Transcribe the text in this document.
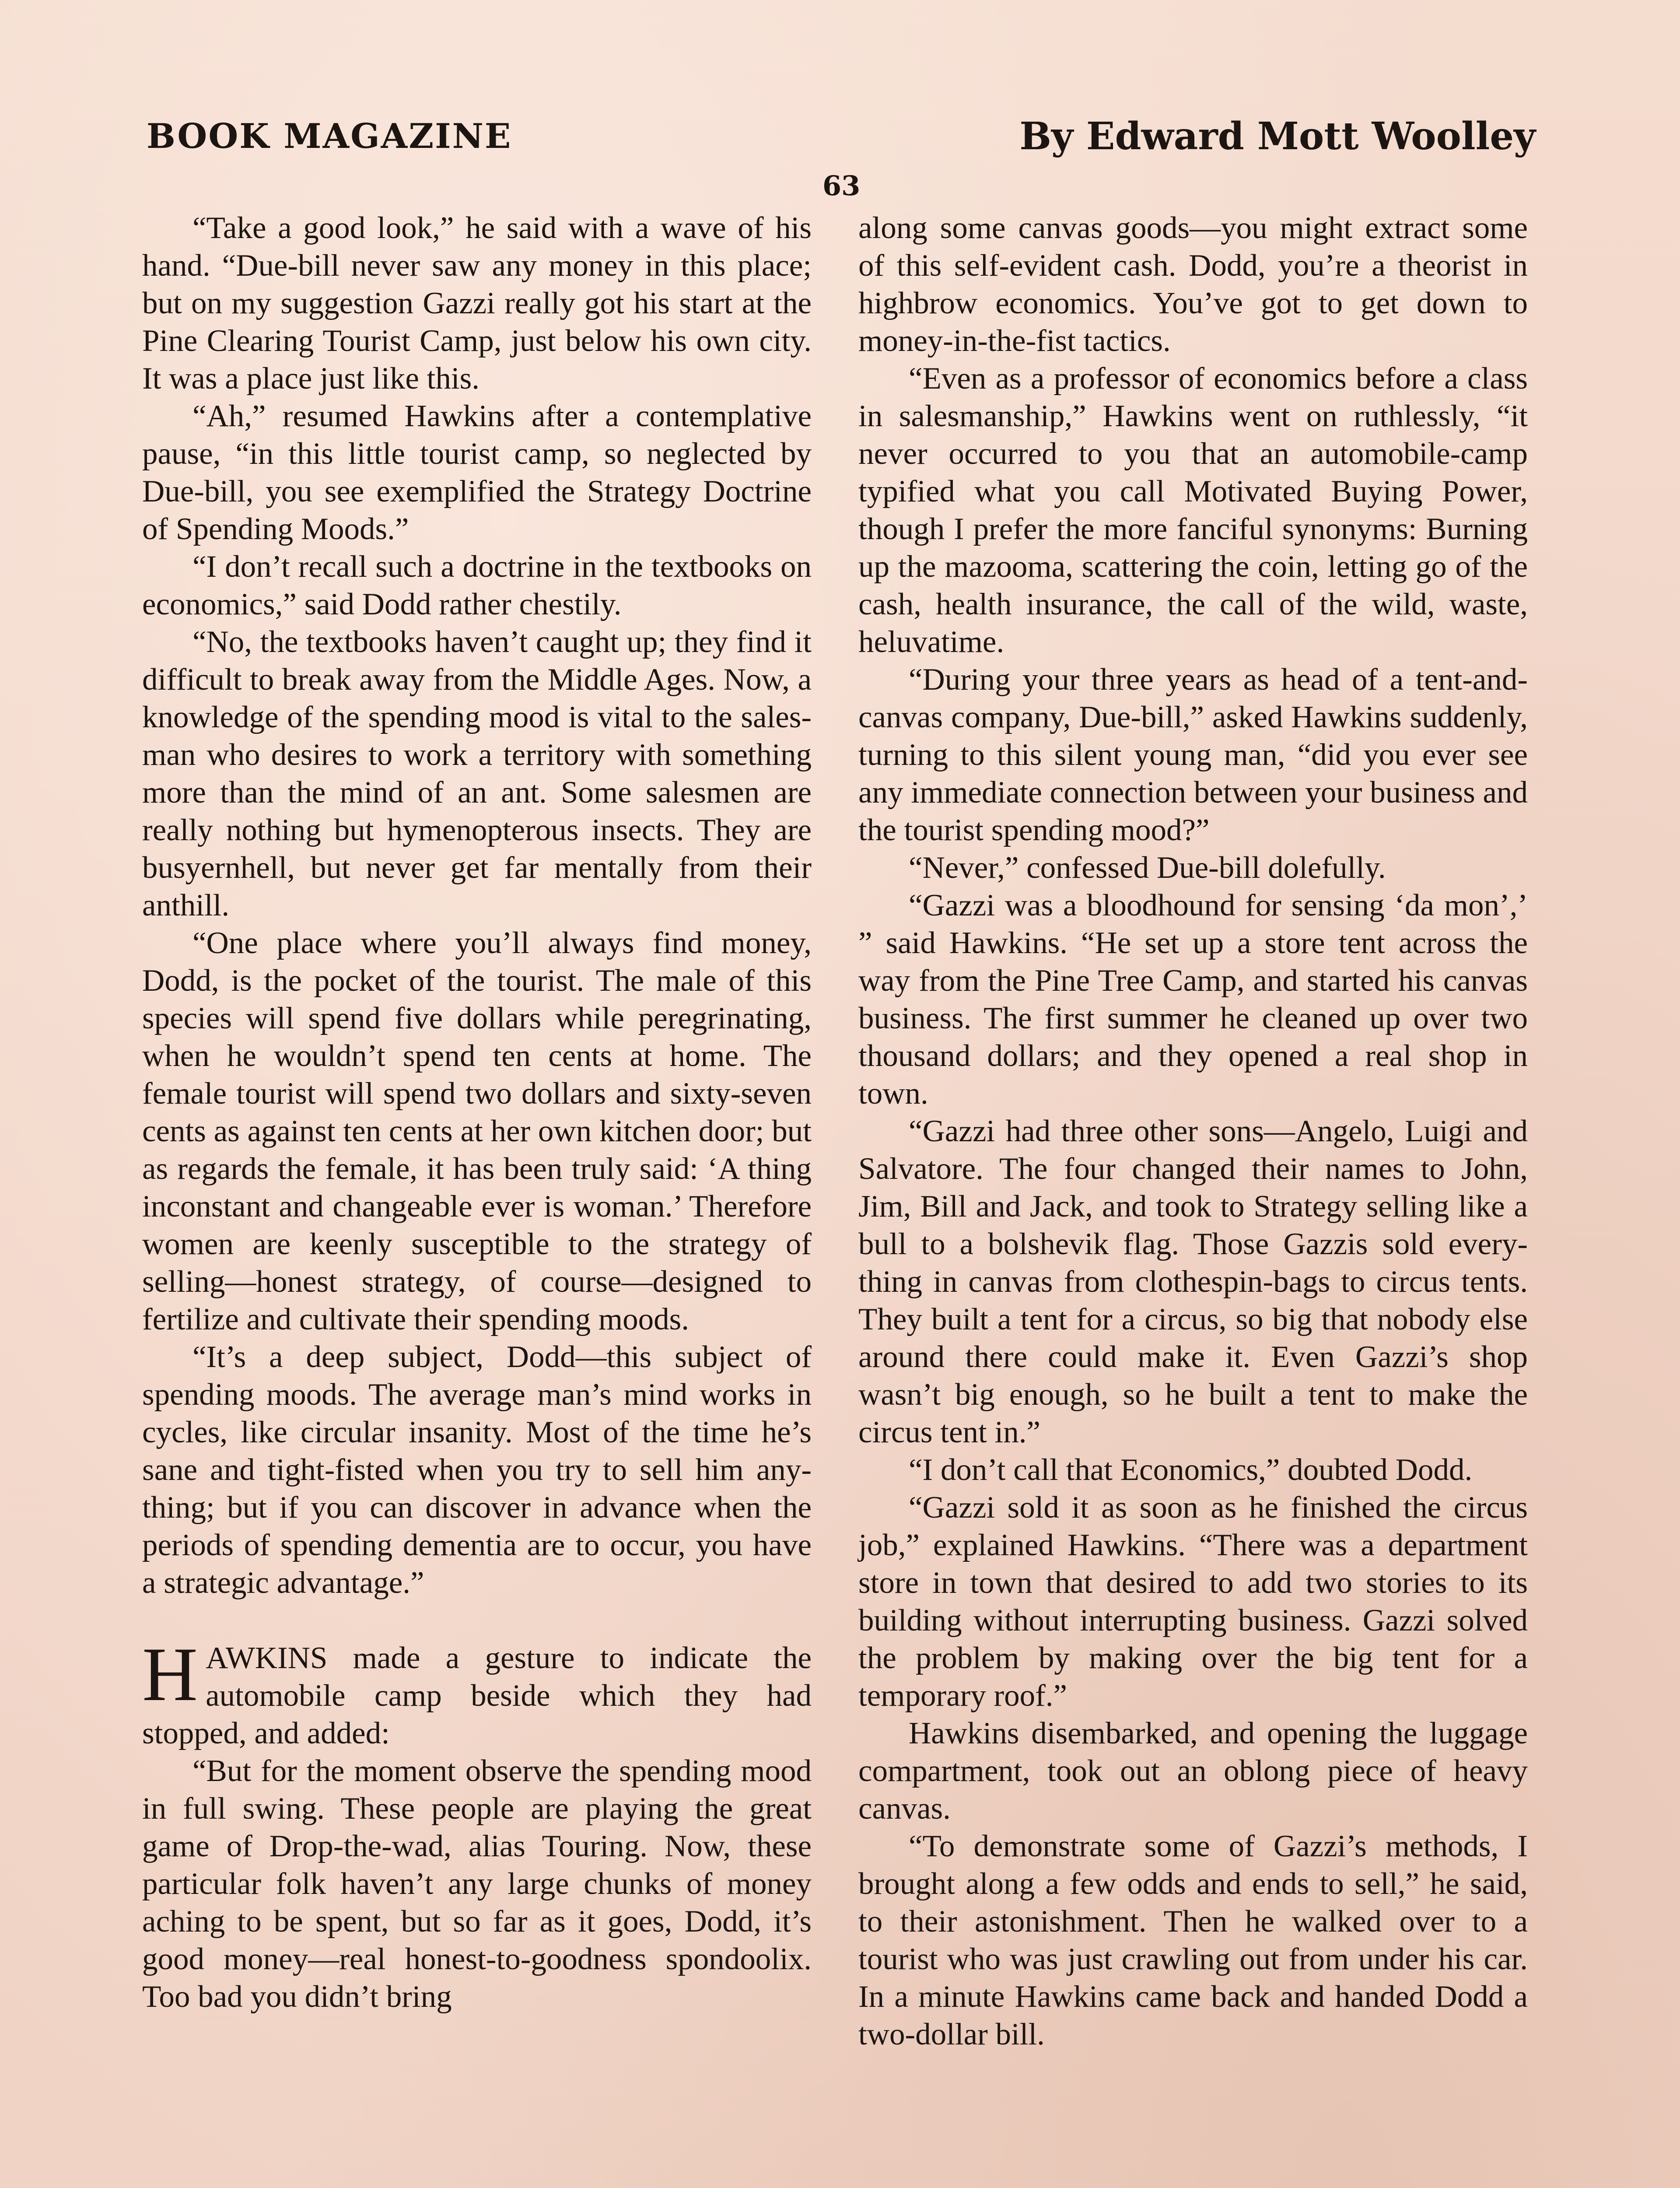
BOOK MAGAZINE	By Edward Mott Woolley
63

“Take a good look,” he said with a wave of his hand. “Due-bill never saw any money in this place; but on my suggestion Gazzi really got his start at the Pine Clearing Tourist Camp, just below his own city. It was a place just like this.

“Ah,” resumed Hawkins after a contemplative pause, “in this little tourist camp, so neglected by Due-bill, you see exemplified the Strategy Doctrine of Spending Moods.”

“I don’t recall such a doctrine in the textbooks on economics,” said Dodd rather chestily.

“No, the textbooks haven’t caught up; they find it difficult to break away from the Middle Ages. Now, a knowledge of the spending mood is vital to the salesman who desires to work a territory with something more than the mind of an ant. Some salesmen are really nothing but hymenopterous insects. They are busyernhell, but never get far mentally from their anthill.

“One place where you’ll always find money, Dodd, is the pocket of the tourist. The male of this species will spend five dollars while peregrinating, when he wouldn’t spend ten cents at home. The female tourist will spend two dollars and sixty-seven cents as against ten cents at her own kitchen door; but as regards the female, it has been truly said: ‘A thing inconstant and changeable ever is woman.’ Therefore women are keenly susceptible to the strategy of selling—honest strategy, of course—designed to fertilize and cultivate their spending moods.

“It’s a deep subject, Dodd—this subject of spending moods. The average man’s mind works in cycles, like circular insanity. Most of the time he’s sane and tight-fisted when you try to sell him anything; but if you can discover in advance when the periods of spending dementia are to occur, you have a strategic advantage.”

HAWKINS made a gesture to indicate the automobile camp beside which they had stopped, and added:

“But for the moment observe the spending mood in full swing. These people are playing the great game of Drop-the-wad, alias Touring. Now, these particular folk haven’t any large chunks of money aching to be spent, but so far as it goes, Dodd, it’s good money—real honest-to-goodness spondoolix. Too bad you didn’t bring

along some canvas goods—you might extract some of this self-evident cash. Dodd, you’re a theorist in highbrow economics. You’ve got to get down to money-in-the-fist tactics.

“Even as a professor of economics before a class in salesmanship,” Hawkins went on ruthlessly, “it never occurred to you that an automobile-camp typified what you call Motivated Buying Power, though I prefer the more fanciful synonyms: Burning up the mazooma, scattering the coin, letting go of the cash, health insurance, the call of the wild, waste, heluvatime.

“During your three years as head of a tent-and-canvas company, Due-bill,” asked Hawkins suddenly, turning to this silent young man, “did you ever see any immediate connection between your business and the tourist spending mood?”

“Never,” confessed Due-bill dolefully.

“Gazzi was a bloodhound for sensing ‘da mon’,’ ” said Hawkins. “He set up a store tent across the way from the Pine Tree Camp, and started his canvas business. The first summer he cleaned up over two thousand dollars; and they opened a real shop in town.

“Gazzi had three other sons—Angelo, Luigi and Salvatore. The four changed their names to John, Jim, Bill and Jack, and took to Strategy selling like a bull to a bolshevik flag. Those Gazzis sold everything in canvas from clothespin-bags to circus tents. They built a tent for a circus, so big that nobody else around there could make it. Even Gazzi’s shop wasn’t big enough, so he built a tent to make the circus tent in.”

“I don’t call that Economics,” doubted Dodd.

“Gazzi sold it as soon as he finished the circus job,” explained Hawkins. “There was a department store in town that desired to add two stories to its building without interrupting business. Gazzi solved the problem by making over the big tent for a temporary roof.”

Hawkins disembarked, and opening the luggage compartment, took out an oblong piece of heavy canvas.

“To demonstrate some of Gazzi’s methods, I brought along a few odds and ends to sell,” he said, to their astonishment. Then he walked over to a tourist who was just crawling out from under his car. In a minute Hawkins came back and handed Dodd a two-dollar bill.
